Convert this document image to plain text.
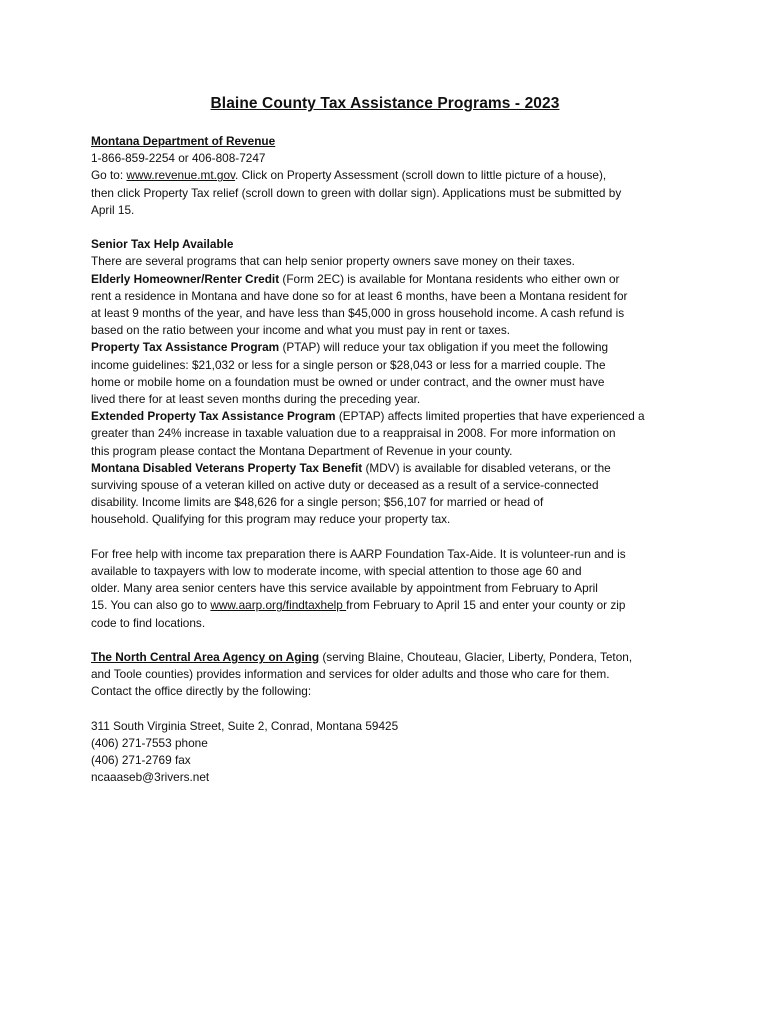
Blaine County Tax Assistance Programs - 2023
Montana Department of Revenue
1-866-859-2254 or 406-808-7247
Go to: www.revenue.mt.gov. Click on Property Assessment (scroll down to little picture of a house),
then click Property Tax relief (scroll down to green with dollar sign). Applications must be submitted by
April 15.
Senior Tax Help Available
There are several programs that can help senior property owners save money on their taxes.
Elderly Homeowner/Renter Credit (Form 2EC) is available for Montana residents who either own or
rent a residence in Montana and have done so for at least 6 months, have been a Montana resident for
at least 9 months of the year, and have less than $45,000 in gross household income. A cash refund is
based on the ratio between your income and what you must pay in rent or taxes.
Property Tax Assistance Program (PTAP) will reduce your tax obligation if you meet the following
income guidelines: $21,032 or less for a single person or $28,043 or less for a married couple. The
home or mobile home on a foundation must be owned or under contract, and the owner must have
lived there for at least seven months during the preceding year.
Extended Property Tax Assistance Program (EPTAP) affects limited properties that have experienced a
greater than 24% increase in taxable valuation due to a reappraisal in 2008. For more information on
this program please contact the Montana Department of Revenue in your county.
Montana Disabled Veterans Property Tax Benefit (MDV) is available for disabled veterans, or the
surviving spouse of a veteran killed on active duty or deceased as a result of a service-connected
disability. Income limits are $48,626 for a single person; $56,107 for married or head of
household. Qualifying for this program may reduce your property tax.
For free help with income tax preparation there is AARP Foundation Tax-Aide. It is volunteer-run and is
available to taxpayers with low to moderate income, with special attention to those age 60 and
older. Many area senior centers have this service available by appointment from February to April
15. You can also go to www.aarp.org/findtaxhelp from February to April 15 and enter your county or zip
code to find locations.
The North Central Area Agency on Aging (serving Blaine, Chouteau, Glacier, Liberty, Pondera, Teton,
and Toole counties) provides information and services for older adults and those who care for them.
Contact the office directly by the following:
311 South Virginia Street, Suite 2, Conrad, Montana 59425
(406) 271-7553 phone
(406) 271-2769 fax
ncaaaseb@3rivers.net
